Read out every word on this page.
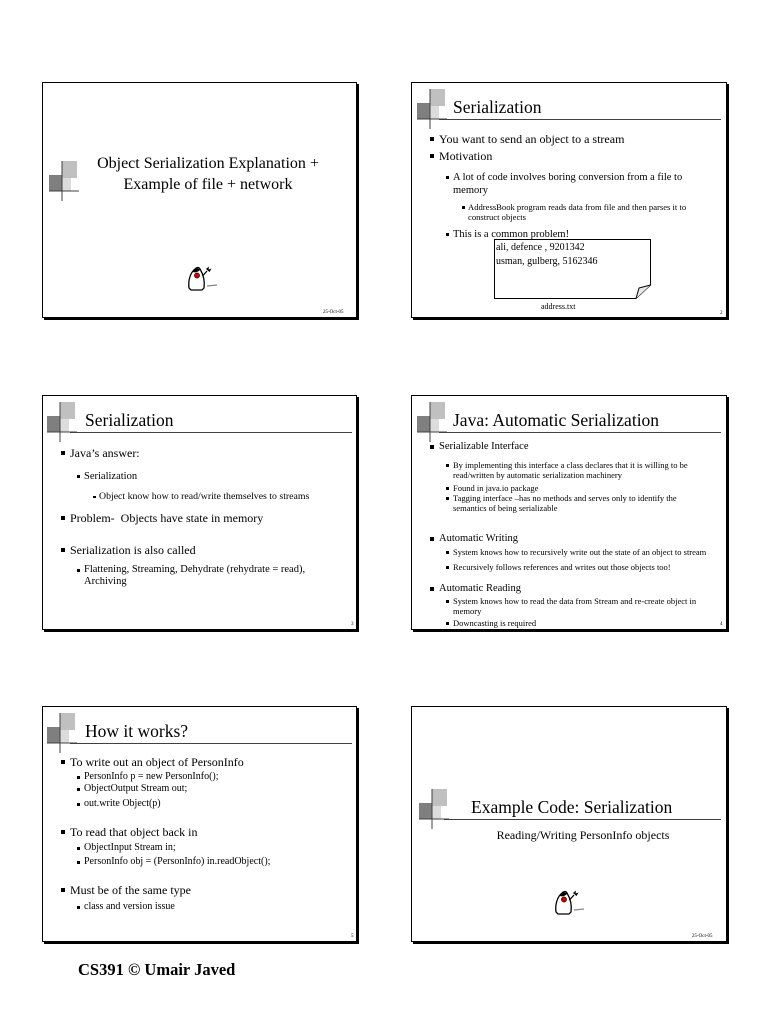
Object Serialization Explanation +
Example of file + network
25-Oct-05
Serialization
You want to send an object to a stream
Motivation
A lot of code involves boring conversion from a file to memory
AddressBook program reads data from file and then parses it to construct objects
This is a common problem!
ali, defence , 9201342
usman, gulberg, 5162346
address.txt
2
Serialization
Java’s answer:
Serialization
Object know how to read/write themselves to streams
Problem-  Objects have state in memory
Serialization is also called
Flattening, Streaming, Dehydrate (rehydrate = read), Archiving
3
Java: Automatic Serialization
Serializable Interface
By implementing this interface a class declares that it is willing to be read/written by automatic serialization machinery
Found in java.io package
Tagging interface –has no methods and serves only to identify the semantics of being serializable
Automatic Writing
System knows how to recursively write out the state of an object to stream
Recursively follows references and writes out those objects too!
Automatic Reading
System knows how to read the data from Stream and re-create object in memory
Downcasting is required	4
How it works?
To write out an object of PersonInfo
PersonInfo p = new PersonInfo();
ObjectOutput Stream out;
out.write Object(p)
To read that object back in
ObjectInput Stream in;
PersonInfo obj = (PersonInfo) in.readObject();
Must be of the same type
class and version issue
5
Example Code: Serialization
Reading/Writing PersonInfo objects
25-Oct-05
CS391 © Umair Javed
